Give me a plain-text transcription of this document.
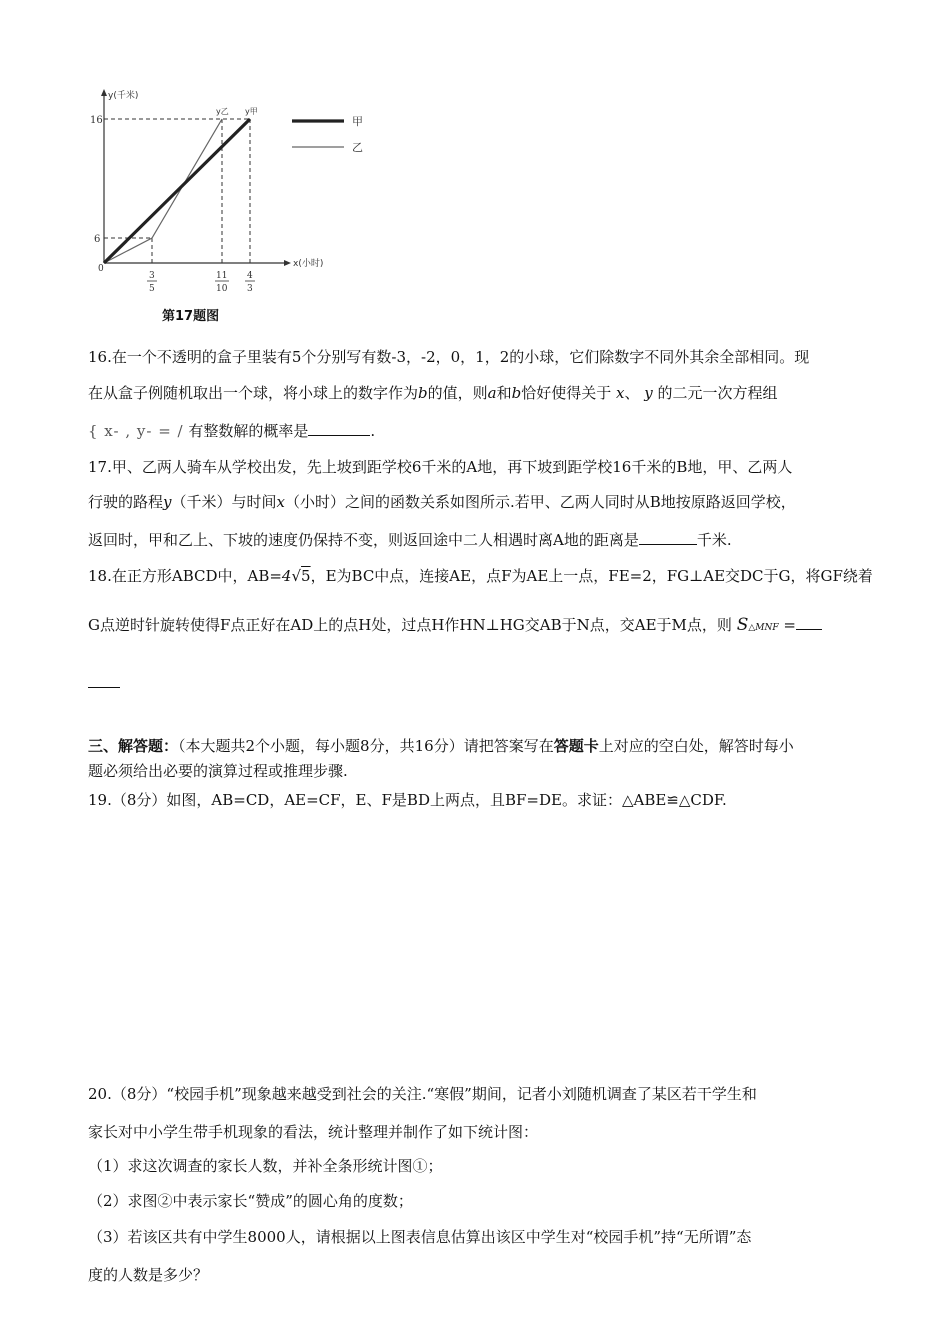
y(千米)
x(小时)
16
6
0
3
5
11
10
4
3
y乙 y甲
甲
乙
第17题图
16.在一个不透明的盒子里装有5个分别写有数-3，-2，0，1，2的小球，它们除数字不同外其余全部相同。现
在从盒子例随机取出一个球，将小球上的数字作为b的值，则a和b恰好使得关于 x、 y 的二元一次方程组
{ x- , y- = / 有整数解的概率是	.
17.甲、乙两人骑车从学校出发，先上坡到距学校6千米的A地，再下坡到距学校16千米的B地，甲、乙两人
行驶的路程y（千米）与时间x（小时）之间的函数关系如图所示.若甲、乙两人同时从B地按原路返回学校，
返回时，甲和乙上、下坡的速度仍保持不变，则返回途中二人相遇时离A地的距离是	千米.
18.在正方形ABCD中，AB=4√5，E为BC中点，连接AE，点F为AE上一点，FE=2，FG⊥AE交DC于G，将GF绕着
G点逆时针旋转使得F点正好在AD上的点H处，过点H作HN⊥HG交AB于N点，交AE于M点，则 S△MNF =
三、解答题：（本大题共2个小题，每小题8分，共16分）请把答案写在答题卡上对应的空白处，解答时每小
题必须给出必要的演算过程或推理步骤.
19.（8分）如图，AB=CD，AE=CF，E、F是BD上两点，且BF=DE。求证：△ABE≌△CDF.
20.（8分）“校园手机”现象越来越受到社会的关注.“寒假”期间，记者小刘随机调查了某区若干学生和
家长对中小学生带手机现象的看法，统计整理并制作了如下统计图：
（1）求这次调查的家长人数，并补全条形统计图①；
（2）求图②中表示家长“赞成”的圆心角的度数；
（3）若该区共有中学生8000人，请根据以上图表信息估算出该区中学生对“校园手机”持“无所谓”态
度的人数是多少？
